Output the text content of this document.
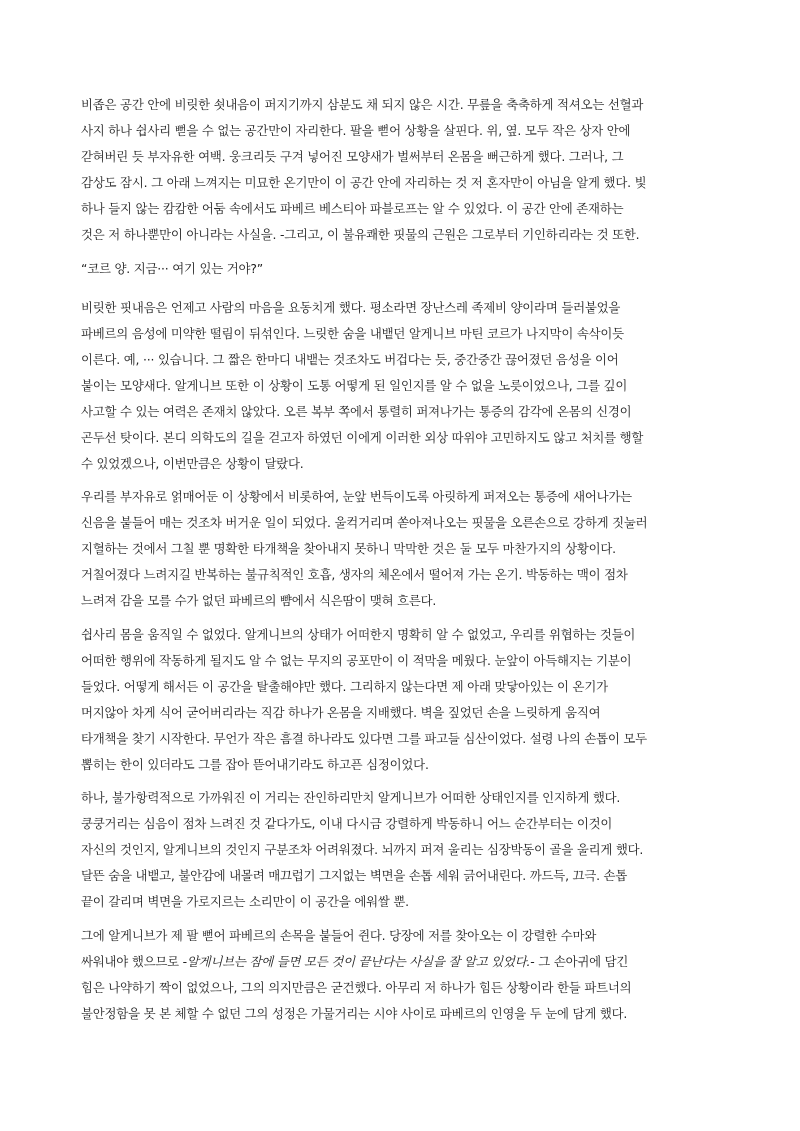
비좁은 공간 안에 비릿한 쇳내음이 퍼지기까지 삼분도 채 되지 않은 시간. 무릎을 축축하게 적셔오는 선혈과
사지 하나 쉽사리 뻗을 수 없는 공간만이 자리한다. 팔을 뻗어 상황을 살핀다. 위, 옆. 모두 작은 상자 안에
갇혀버린 듯 부자유한 여백. 웅크리듯 구겨 넣어진 모양새가 벌써부터 온몸을 뻐근하게 했다. 그러나, 그
감상도 잠시. 그 아래 느껴지는 미묘한 온기만이 이 공간 안에 자리하는 것 저 혼자만이 아님을 알게 했다. 빛
하나 들지 않는 캄캄한 어둠 속에서도 파베르 베스티아 파블로프는 알 수 있었다. 이 공간 안에 존재하는
것은 저 하나뿐만이 아니라는 사실을. -그리고, 이 불유쾌한 핏물의 근원은 그로부터 기인하리라는 것 또한.
“코르 양. 지금··· 여기 있는 거야?”
비릿한 핏내음은 언제고 사람의 마음을 요동치게 했다. 평소라면 장난스레 족제비 양이라며 들러붙었을
파베르의 음성에 미약한 떨림이 뒤섞인다. 느릿한 숨을 내뱉던 알게니브 마틴 코르가 나지막이 속삭이듯
이른다. 예, ··· 있습니다. 그 짧은 한마디 내뱉는 것조차도 버겁다는 듯, 중간중간 끊어졌던 음성을 이어
붙이는 모양새다. 알게니브 또한 이 상황이 도통 어떻게 된 일인지를 알 수 없을 노릇이었으나, 그를 깊이
사고할 수 있는 여력은 존재치 않았다. 오른 복부 쪽에서 통렬히 퍼져나가는 통증의 감각에 온몸의 신경이
곤두선 탓이다. 본디 의학도의 길을 걷고자 하였던 이에게 이러한 외상 따위야 고민하지도 않고 처치를 행할
수 있었겠으나, 이번만큼은 상황이 달랐다.
우리를 부자유로 얽매어둔 이 상황에서 비롯하여, 눈앞 번득이도록 아릿하게 퍼져오는 통증에 새어나가는
신음을 붙들어 매는 것조차 버거운 일이 되었다. 울컥거리며 쏟아져나오는 핏물을 오른손으로 강하게 짓눌러
지혈하는 것에서 그칠 뿐 명확한 타개책을 찾아내지 못하니 막막한 것은 둘 모두 마찬가지의 상황이다.
거칠어졌다 느려지길 반복하는 불규칙적인 호흡, 생자의 체온에서 떨어져 가는 온기. 박동하는 맥이 점차
느려져 감을 모를 수가 없던 파베르의 뺨에서 식은땀이 맺혀 흐른다.
쉽사리 몸을 움직일 수 없었다. 알게니브의 상태가 어떠한지 명확히 알 수 없었고, 우리를 위협하는 것들이
어떠한 행위에 작동하게 될지도 알 수 없는 무지의 공포만이 이 적막을 메웠다. 눈앞이 아득해지는 기분이
들었다. 어떻게 해서든 이 공간을 탈출해야만 했다. 그리하지 않는다면 제 아래 맞닿아있는 이 온기가
머지않아 차게 식어 굳어버리라는 직감 하나가 온몸을 지배했다. 벽을 짚었던 손을 느릿하게 움직여
타개책을 찾기 시작한다. 무언가 작은 흠결 하나라도 있다면 그를 파고들 심산이었다. 설령 나의 손톱이 모두
뽑히는 한이 있더라도 그를 잡아 뜯어내기라도 하고픈 심정이었다.
하나, 불가항력적으로 가까워진 이 거리는 잔인하리만치 알게니브가 어떠한 상태인지를 인지하게 했다.
쿵쿵거리는 심음이 점차 느려진 것 같다가도, 이내 다시금 강렬하게 박동하니 어느 순간부터는 이것이
자신의 것인지, 알게니브의 것인지 구분조차 어려워졌다. 뇌까지 퍼져 울리는 심장박동이 골을 울리게 했다.
달뜬 숨을 내뱉고, 불안감에 내몰려 매끄럽기 그지없는 벽면을 손톱 세워 긁어내린다. 까드득, 끄극. 손톱
끝이 갈리며 벽면을 가로지르는 소리만이 이 공간을 에워쌀 뿐.
그에 알게니브가 제 팔 뻗어 파베르의 손목을 붙들어 쥔다. 당장에 저를 찾아오는 이 강렬한 수마와
싸워내야 했으므로 -알게니브는 잠에 들면 모든 것이 끝난다는 사실을 잘 알고 있었다.- 그 손아귀에 담긴
힘은 나약하기 짝이 없었으나, 그의 의지만큼은 굳건했다. 아무리 저 하나가 힘든 상황이라 한들 파트너의
불안정함을 못 본 체할 수 없던 그의 성정은 가물거리는 시야 사이로 파베르의 인영을 두 눈에 담게 했다.
